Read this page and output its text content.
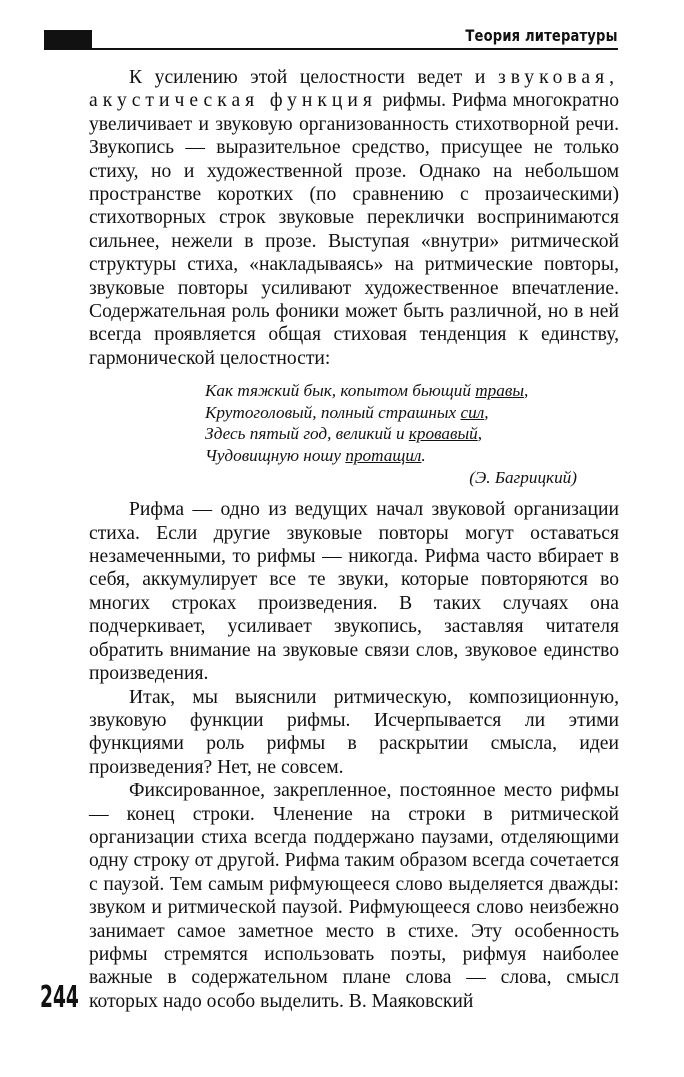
Теория литературы

К усилению этой целостности ведет и звуковая, акустическая функция рифмы. Рифма многократно увеличивает и звуковую организованность стихотворной речи. Звукопись — выразительное средство, присущее не только стиху, но и художественной прозе. Однако на небольшом пространстве коротких (по сравнению с прозаическими) стихотворных строк звуковые переклички воспринимаются сильнее, нежели в прозе. Выступая «внутри» ритмической структуры стиха, «накладываясь» на ритмические повторы, звуковые повторы усиливают художественное впечатление. Содержательная роль фоники может быть различной, но в ней всегда проявляется общая стиховая тенденция к единству, гармонической целостности:

Как тяжкий бык, копытом бьющий травы,
Крутоголовый, полный страшных сил,
Здесь пятый год, великий и кровавый,
Чудовищную ношу протащил.
(Э. Багрицкий)

Рифма — одно из ведущих начал звуковой организации стиха. Если другие звуковые повторы могут оставаться незамеченными, то рифмы — никогда. Рифма часто вбирает в себя, аккумулирует все те звуки, которые повторяются во многих строках произведения. В таких случаях она подчеркивает, усиливает звукопись, заставляя читателя обратить внимание на звуковые связи слов, звуковое единство произведения.

Итак, мы выяснили ритмическую, композиционную, звуковую функции рифмы. Исчерпывается ли этими функциями роль рифмы в раскрытии смысла, идеи произведения? Нет, не совсем.

Фиксированное, закрепленное, постоянное место рифмы — конец строки. Членение на строки в ритмической организации стиха всегда поддержано паузами, отделяющими одну строку от другой. Рифма таким образом всегда сочетается с паузой. Тем самым рифмующееся слово выделяется дважды: звуком и ритмической паузой. Рифмующееся слово неизбежно занимает самое заметное место в стихе. Эту особенность рифмы стремятся использовать поэты, рифмуя наиболее важные в содержательном плане слова — слова, смысл которых надо особо выделить. В. Маяковский

244
